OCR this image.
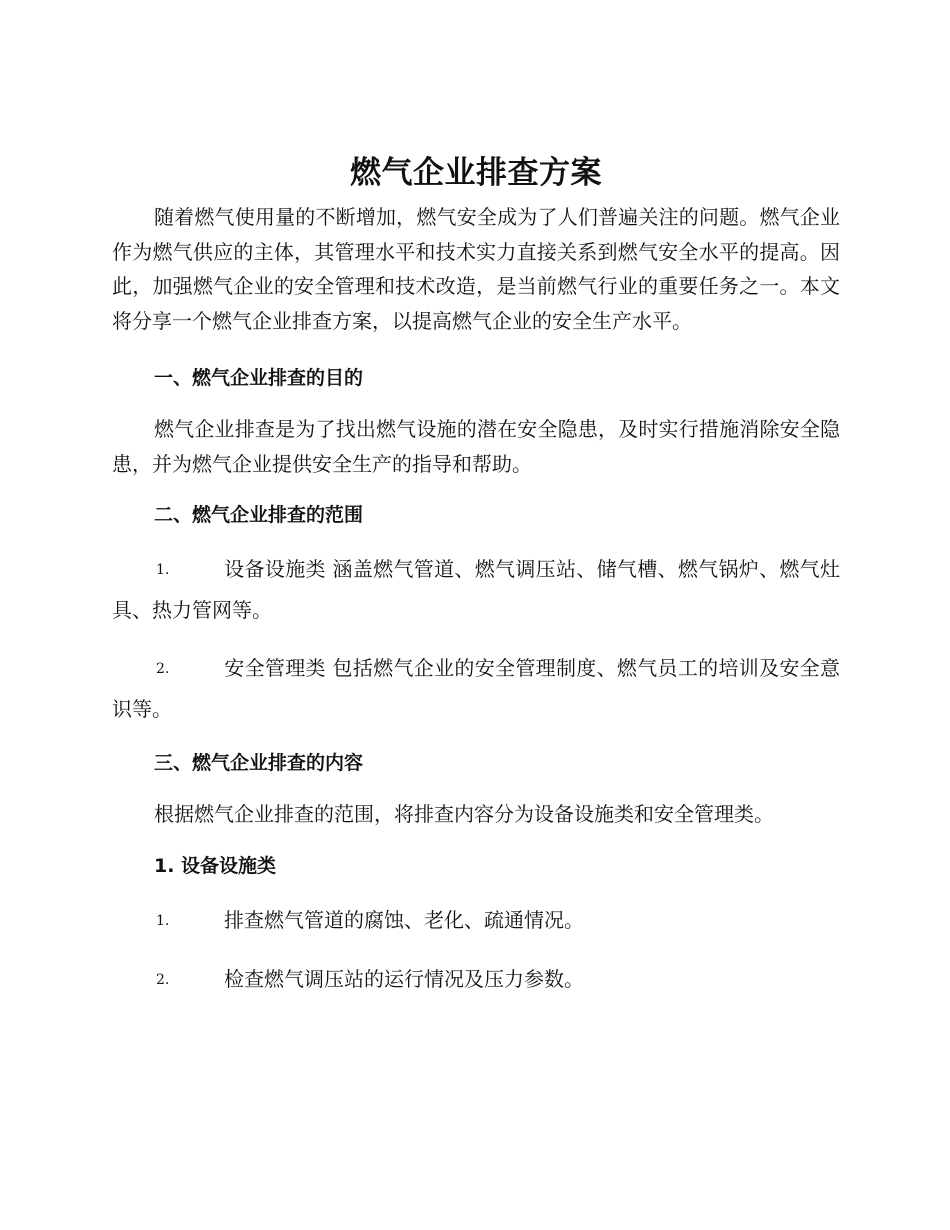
燃气企业排查方案

随着燃气使用量的不断增加，燃气安全成为了人们普遍关注的问题。燃气企业作为燃气供应的主体，其管理水平和技术实力直接关系到燃气安全水平的提高。因此，加强燃气企业的安全管理和技术改造，是当前燃气行业的重要任务之一。本文将分享一个燃气企业排查方案，以提高燃气企业的安全生产水平。

一、燃气企业排查的目的

燃气企业排查是为了找出燃气设施的潜在安全隐患，及时实行措施消除安全隐患，并为燃气企业提供安全生产的指导和帮助。

二、燃气企业排查的范围

1.	设备设施类 涵盖燃气管道、燃气调压站、储气槽、燃气锅炉、燃气灶具、热力管网等。

2.	安全管理类 包括燃气企业的安全管理制度、燃气员工的培训及安全意识等。

三、燃气企业排查的内容

根据燃气企业排查的范围，将排查内容分为设备设施类和安全管理类。

1. 设备设施类

1.	排查燃气管道的腐蚀、老化、疏通情况。

2.	检查燃气调压站的运行情况及压力参数。
